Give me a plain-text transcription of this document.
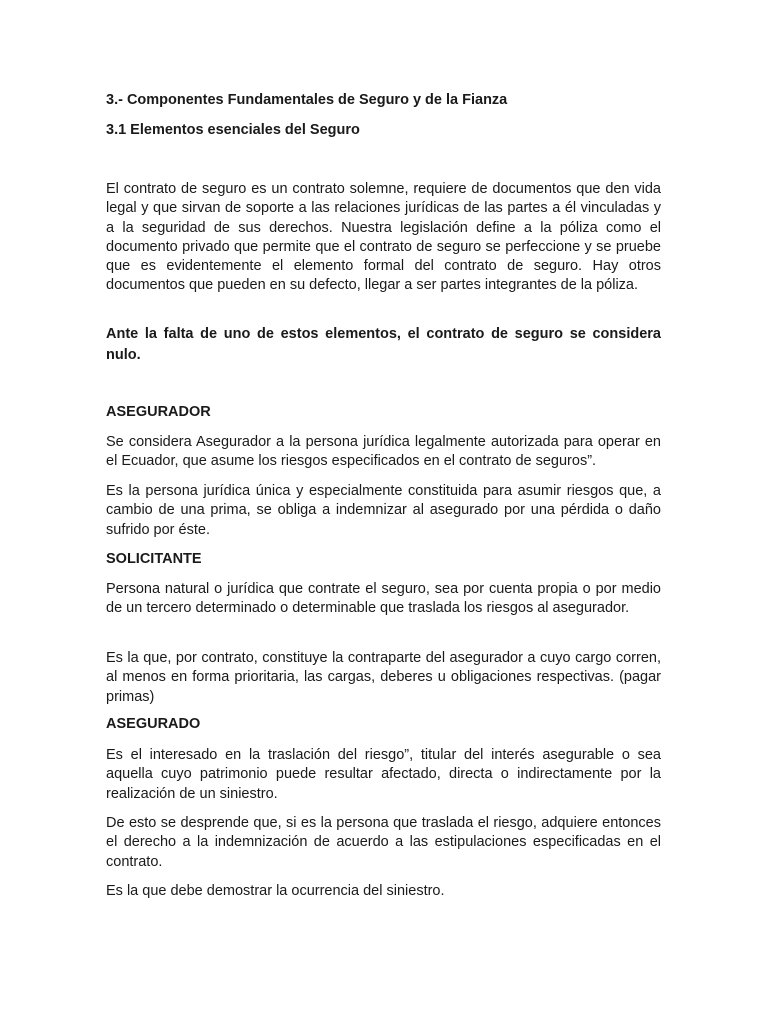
3.- Componentes Fundamentales de Seguro y de la Fianza
3.1 Elementos esenciales del Seguro

El contrato de seguro es un contrato solemne, requiere de documentos que den vida legal y que sirvan de soporte a las relaciones jurídicas de las partes a él vinculadas y a la seguridad de sus derechos. Nuestra legislación define a la póliza como el documento privado que permite que el contrato de seguro se perfeccione y se pruebe que es evidentemente el elemento formal del contrato de seguro. Hay otros documentos que pueden en su defecto, llegar a ser partes integrantes de la póliza.

Ante la falta de uno de estos elementos, el contrato de seguro se considera nulo.

ASEGURADOR

Se considera Asegurador a la persona jurídica legalmente autorizada para operar en el Ecuador, que asume los riesgos especificados en el contrato de seguros”.

Es la persona jurídica única y especialmente constituida para asumir riesgos que, a cambio de una prima, se obliga a indemnizar al asegurado por una pérdida o daño sufrido por éste.

SOLICITANTE

Persona natural o jurídica que contrate el seguro, sea por cuenta propia o por medio de un tercero determinado o determinable que traslada los riesgos al asegurador.

Es la que, por contrato, constituye la contraparte del asegurador a cuyo cargo corren, al menos en forma prioritaria, las cargas, deberes u obligaciones respectivas. (pagar primas)

ASEGURADO

Es el interesado en la traslación del riesgo”, titular del interés asegurable o sea aquella cuyo patrimonio puede resultar afectado, directa o indirectamente por la realización de un siniestro.

De esto se desprende que, si es la persona que traslada el riesgo, adquiere entonces el derecho a la indemnización de acuerdo a las estipulaciones especificadas en el contrato.

Es la que debe demostrar la ocurrencia del siniestro.
